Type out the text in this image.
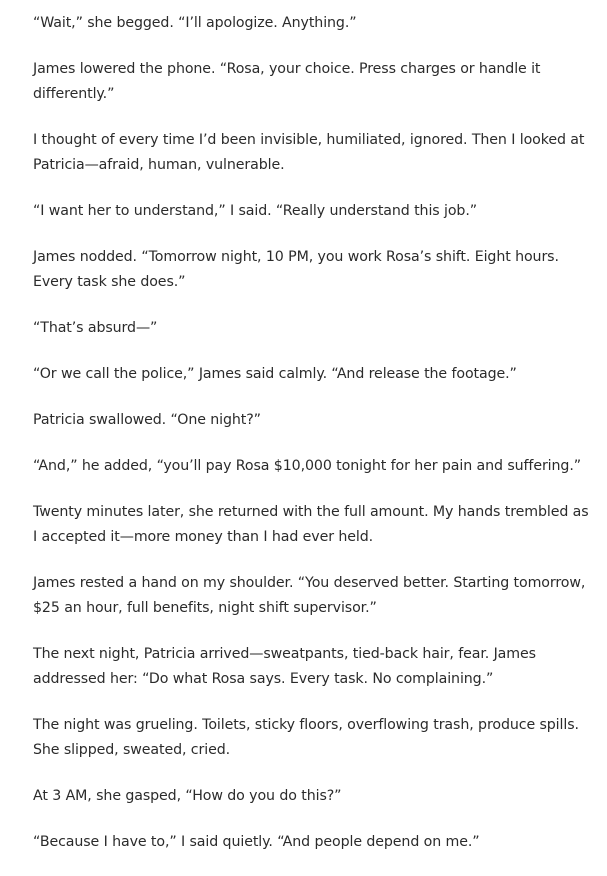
“Wait,” she begged. “I’ll apologize. Anything.”

James lowered the phone. “Rosa, your choice. Press charges or handle it differently.”

I thought of every time I’d been invisible, humiliated, ignored. Then I looked at Patricia—afraid, human, vulnerable.

“I want her to understand,” I said. “Really understand this job.”

James nodded. “Tomorrow night, 10 PM, you work Rosa’s shift. Eight hours. Every task she does.”

“That’s absurd—”

“Or we call the police,” James said calmly. “And release the footage.”

Patricia swallowed. “One night?”

“And,” he added, “you’ll pay Rosa $10,000 tonight for her pain and suffering.”

Twenty minutes later, she returned with the full amount. My hands trembled as I accepted it—more money than I had ever held.

James rested a hand on my shoulder. “You deserved better. Starting tomorrow, $25 an hour, full benefits, night shift supervisor.”

The next night, Patricia arrived—sweatpants, tied-back hair, fear. James addressed her: “Do what Rosa says. Every task. No complaining.”

The night was grueling. Toilets, sticky floors, overflowing trash, produce spills. She slipped, sweated, cried.

At 3 AM, she gasped, “How do you do this?”

“Because I have to,” I said quietly. “And people depend on me.”
